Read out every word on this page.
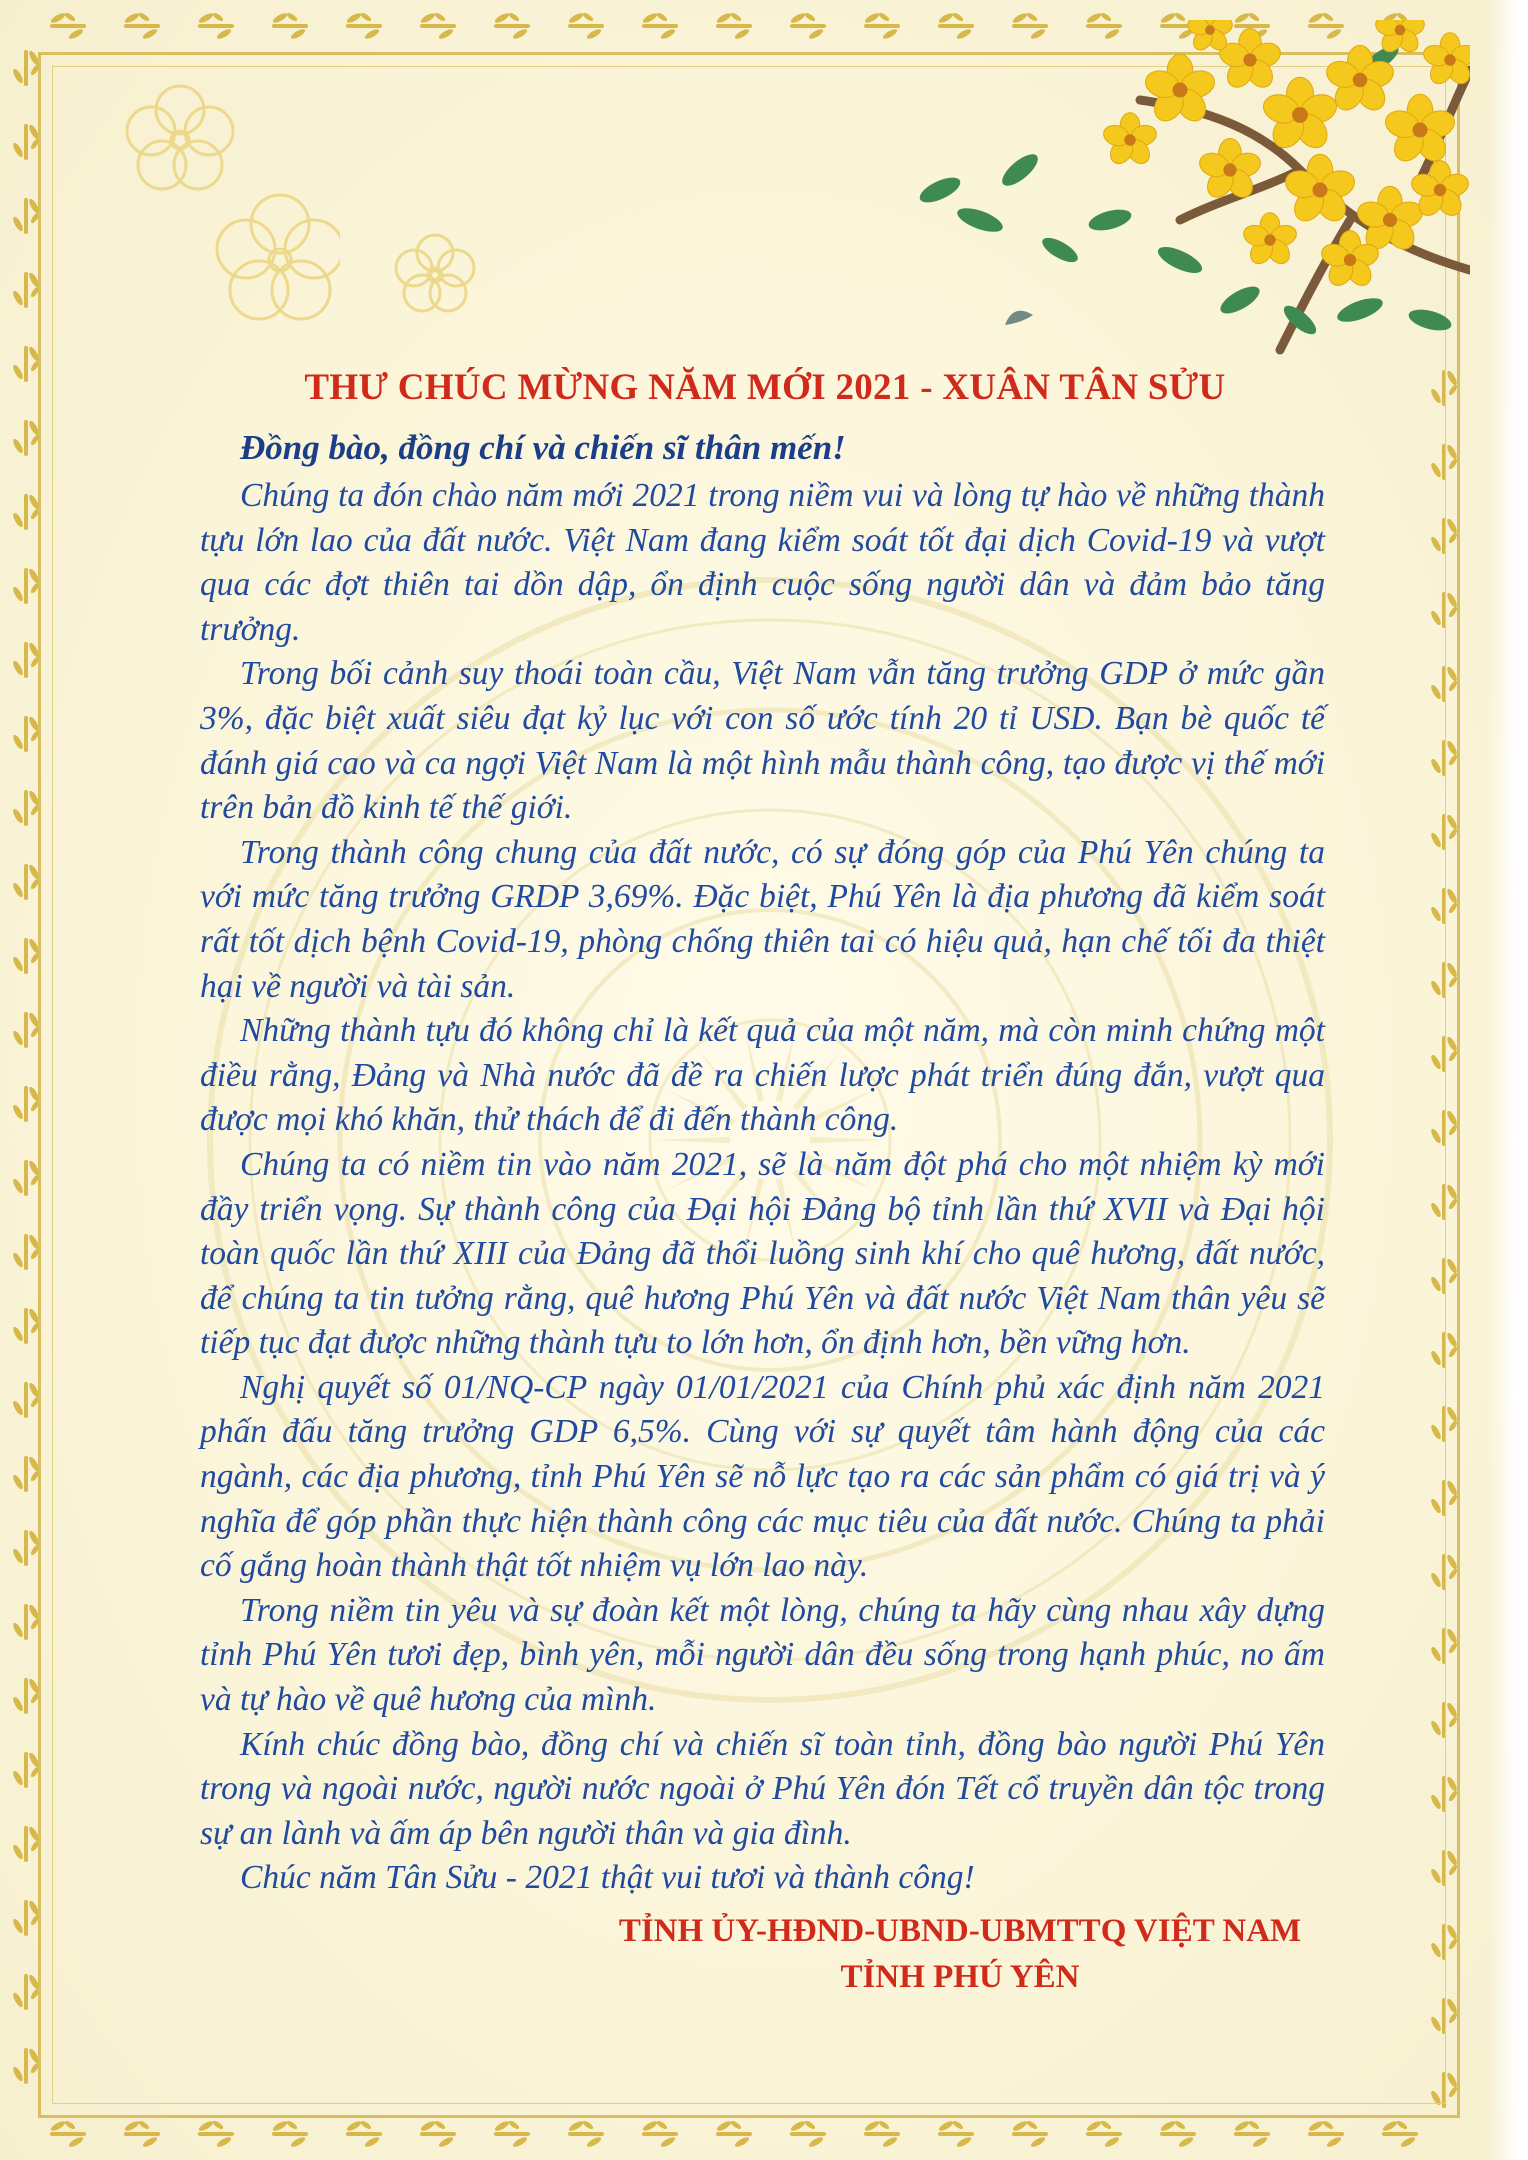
THƯ CHÚC MỪNG NĂM MỚI 2021 - XUÂN TÂN SỬU
Đồng bào, đồng chí và chiến sĩ thân mến!

Chúng ta đón chào năm mới 2021 trong niềm vui và lòng tự hào về những thành tựu lớn lao của đất nước. Việt Nam đang kiểm soát tốt đại dịch Covid-19 và vượt qua các đợt thiên tai dồn dập, ổn định cuộc sống người dân và đảm bảo tăng trưởng.

Trong bối cảnh suy thoái toàn cầu, Việt Nam vẫn tăng trưởng GDP ở mức gần 3%, đặc biệt xuất siêu đạt kỷ lục với con số ước tính 20 tỉ USD. Bạn bè quốc tế đánh giá cao và ca ngợi Việt Nam là một hình mẫu thành công, tạo được vị thế mới trên bản đồ kinh tế thế giới.

Trong thành công chung của đất nước, có sự đóng góp của Phú Yên chúng ta với mức tăng trưởng GRDP 3,69%. Đặc biệt, Phú Yên là địa phương đã kiểm soát rất tốt dịch bệnh Covid-19, phòng chống thiên tai có hiệu quả, hạn chế tối đa thiệt hại về người và tài sản.

Những thành tựu đó không chỉ là kết quả của một năm, mà còn minh chứng một điều rằng, Đảng và Nhà nước đã đề ra chiến lược phát triển đúng đắn, vượt qua được mọi khó khăn, thử thách để đi đến thành công.

Chúng ta có niềm tin vào năm 2021, sẽ là năm đột phá cho một nhiệm kỳ mới đầy triển vọng. Sự thành công của Đại hội Đảng bộ tỉnh lần thứ XVII và Đại hội toàn quốc lần thứ XIII của Đảng đã thổi luồng sinh khí cho quê hương, đất nước, để chúng ta tin tưởng rằng, quê hương Phú Yên và đất nước Việt Nam thân yêu sẽ tiếp tục đạt được những thành tựu to lớn hơn, ổn định hơn, bền vững hơn.

Nghị quyết số 01/NQ-CP ngày 01/01/2021 của Chính phủ xác định năm 2021 phấn đấu tăng trưởng GDP 6,5%. Cùng với sự quyết tâm hành động của các ngành, các địa phương, tỉnh Phú Yên sẽ nỗ lực tạo ra các sản phẩm có giá trị và ý nghĩa để góp phần thực hiện thành công các mục tiêu của đất nước. Chúng ta phải cố gắng hoàn thành thật tốt nhiệm vụ lớn lao này.

Trong niềm tin yêu và sự đoàn kết một lòng, chúng ta hãy cùng nhau xây dựng tỉnh Phú Yên tươi đẹp, bình yên, mỗi người dân đều sống trong hạnh phúc, no ấm và tự hào về quê hương của mình.

Kính chúc đồng bào, đồng chí và chiến sĩ toàn tỉnh, đồng bào người Phú Yên trong và ngoài nước, người nước ngoài ở Phú Yên đón Tết cổ truyền dân tộc trong sự an lành và ấm áp bên người thân và gia đình.

Chúc năm Tân Sửu - 2021 thật vui tươi và thành công!

TỈNH ỦY-HĐND-UBND-UBMTTQ VIỆT NAM
TỈNH PHÚ YÊN
